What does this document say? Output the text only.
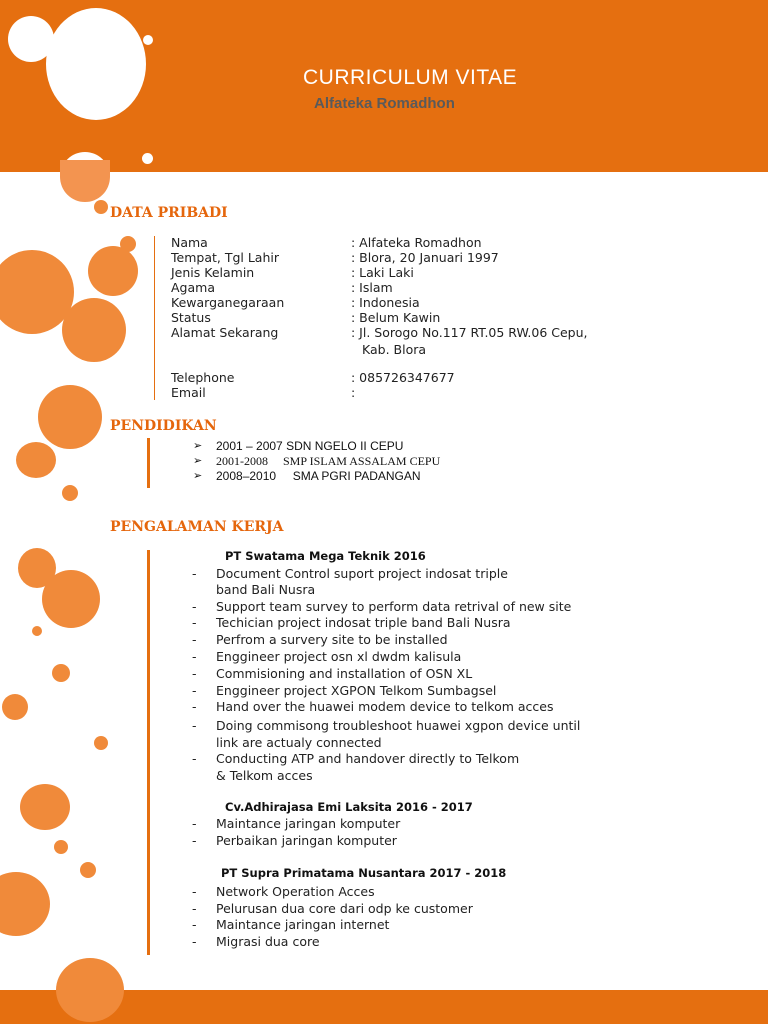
CURRICULUM VITAE
Alfateka Romadhon
DATA PRIBADI
Nama	: Alfateka Romadhon
Tempat, Tgl Lahir	: Blora, 20 Januari 1997
Jenis Kelamin	: Laki Laki
Agama	: Islam
Kewarganegaraan	: Indonesia
Status	: Belum Kawin
Alamat Sekarang	: Jl. Sorogo No.117 RT.05 RW.06 Cepu,
Kab. Blora
Telephone	: 085726347677
Email	:
PENDIDIKAN
➢ 2001 – 2007 SDN NGELO II CEPU
➢ 2001-2008     SMP ISLAM ASSALAM CEPU
➢ 2008–2010     SMA PGRI PADANGAN
PENGALAMAN KERJA
PT Swatama Mega Teknik 2016
- Document Control suport project indosat triple
band Bali Nusra
- Support team survey to perform data retrival of new site
- Techician project indosat triple band Bali Nusra
- Perfrom a survery site to be installed
- Enggineer project osn xl dwdm kalisula
- Commisioning and installation of OSN XL
- Enggineer project XGPON Telkom Sumbagsel
- Hand over the huawei modem device to telkom acces
- Doing commisong troubleshoot huawei xgpon device until
link are actualy connected
- Conducting ATP and handover directly to Telkom
& Telkom acces
Cv.Adhirajasa Emi Laksita 2016 - 2017
- Maintance jaringan komputer
- Perbaikan jaringan komputer
PT Supra Primatama Nusantara 2017 - 2018
- Network Operation Acces
- Pelurusan dua core dari odp ke customer
- Maintance jaringan internet
- Migrasi dua core
